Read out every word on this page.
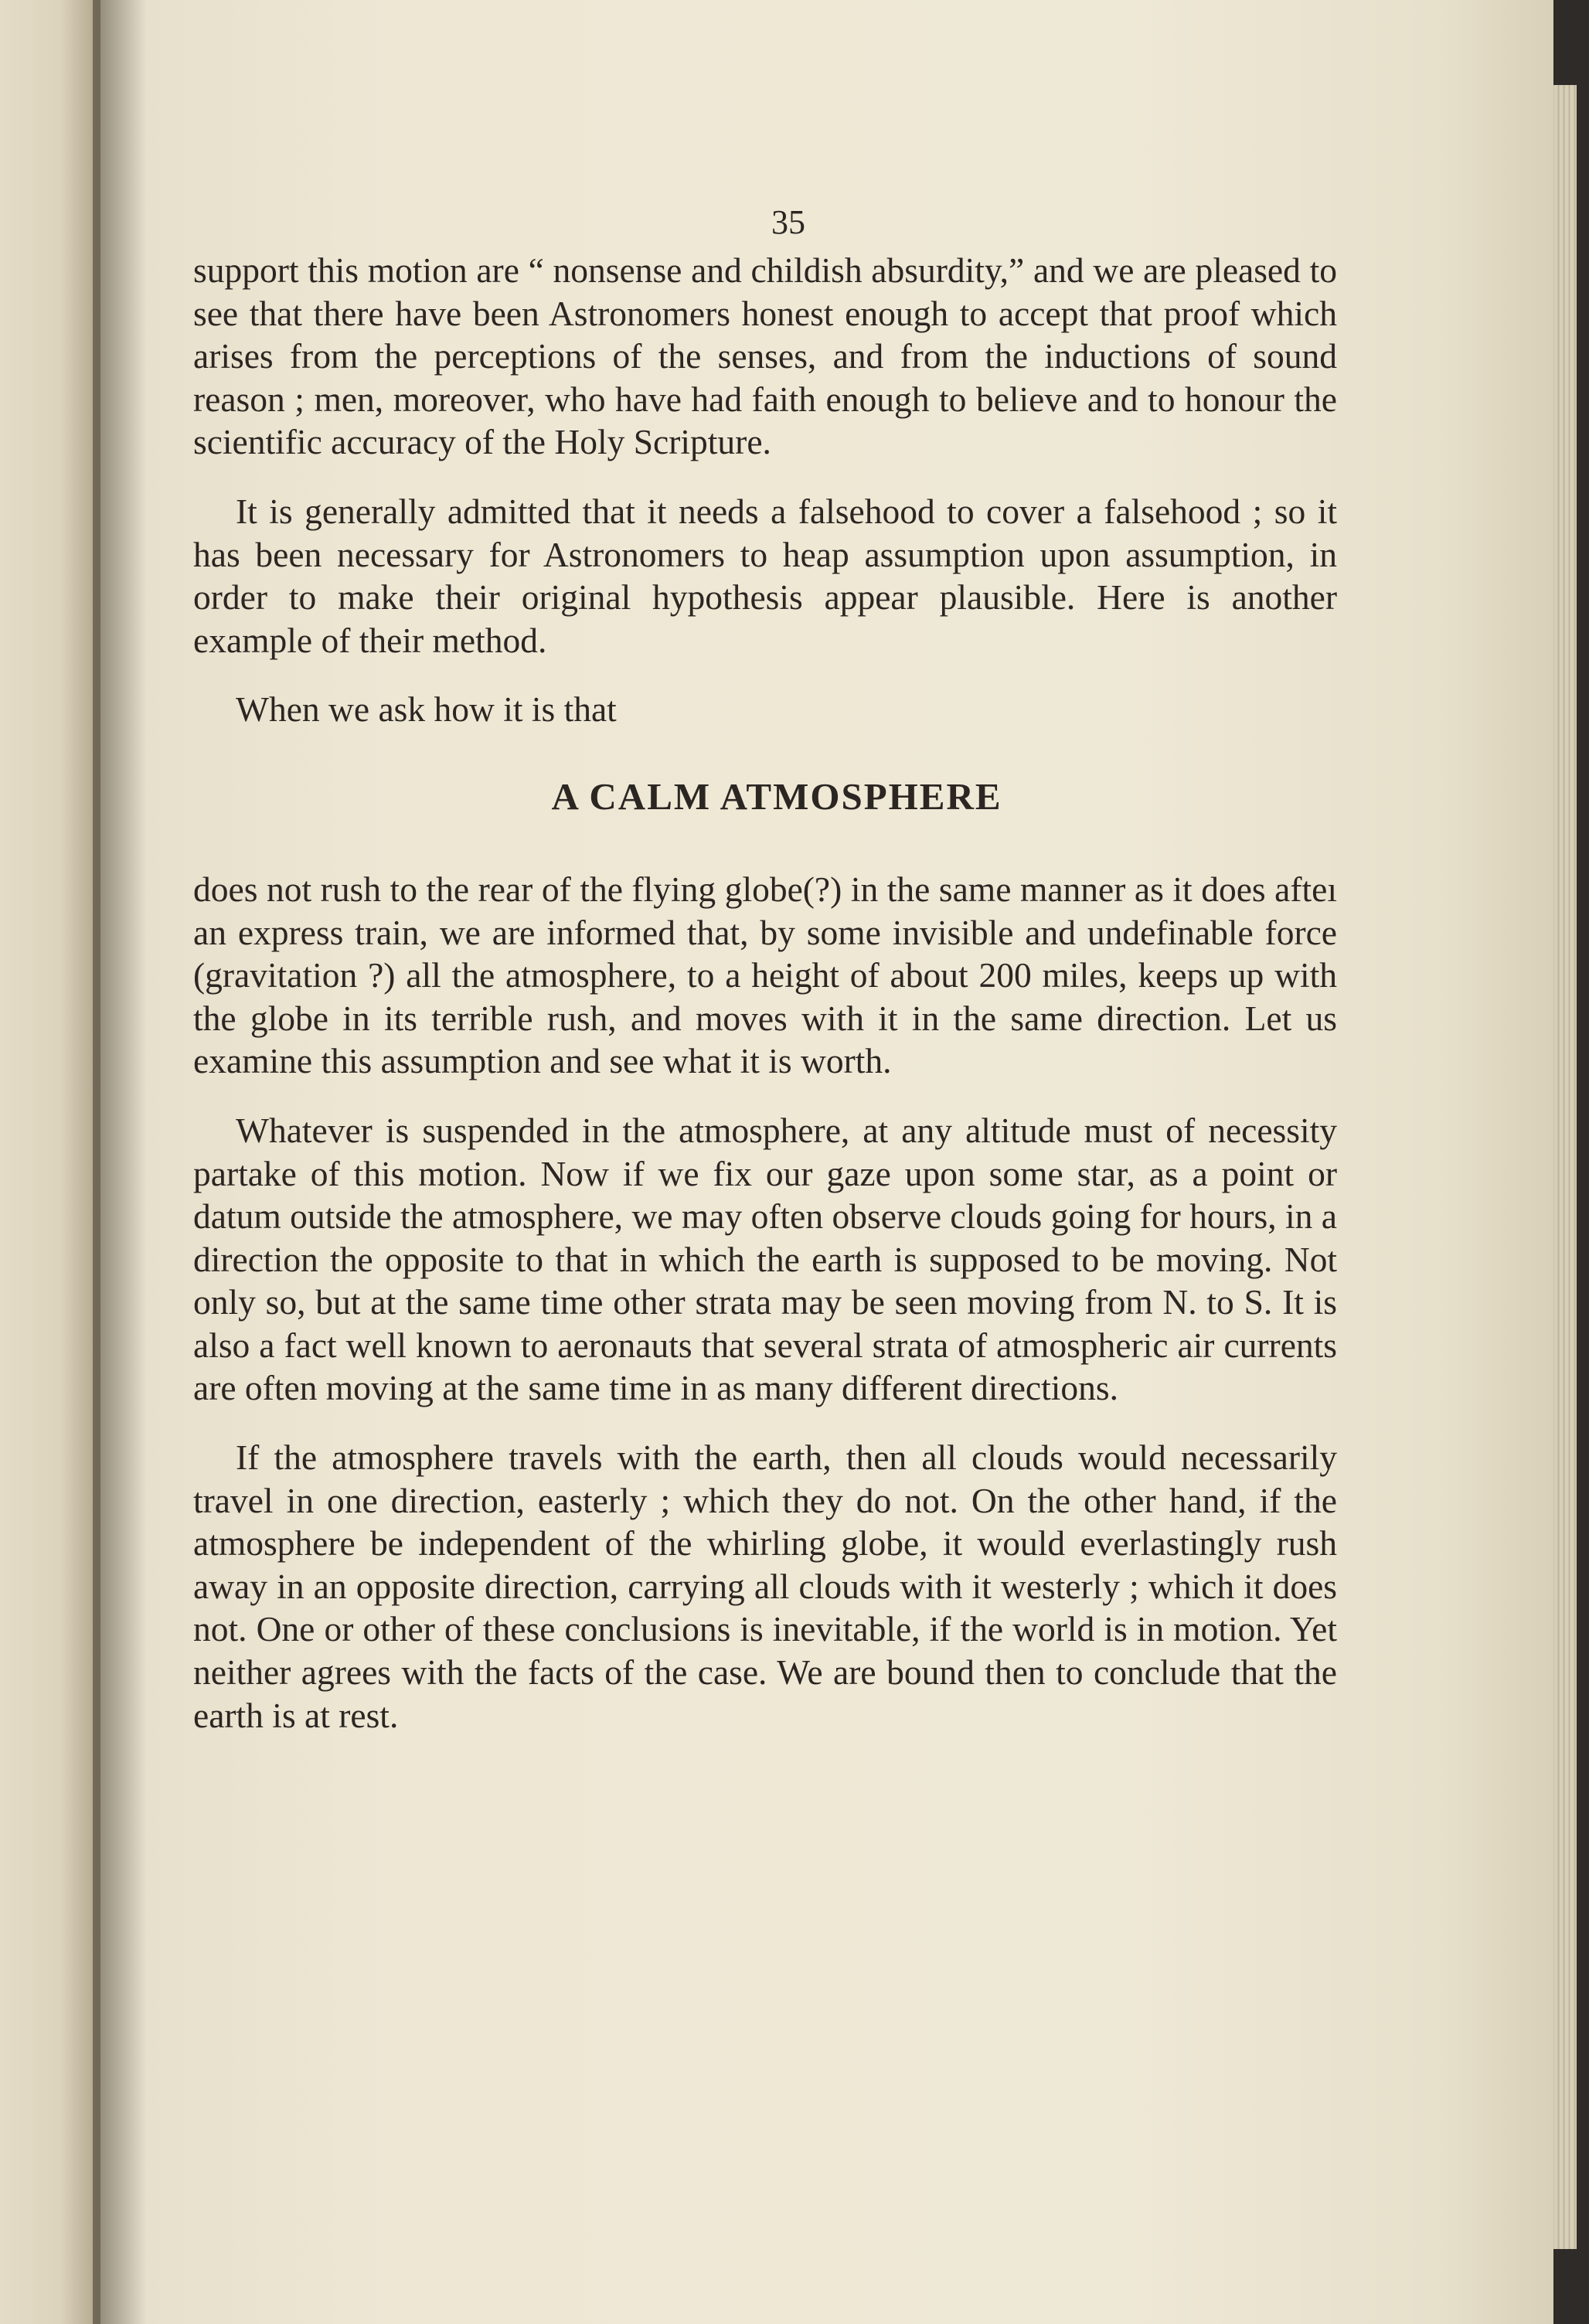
35

support this motion are “ nonsense and childish absurdity,” and we are pleased to see that there have been Astronomers honest enough to accept that proof which arises from the perceptions of the senses, and from the inductions of sound reason ; men, moreover, who have had faith enough to believe and to honour the scientific accuracy of the Holy Scripture.

It is generally admitted that it needs a falsehood to cover a falsehood ; so it has been necessary for Astronomers to heap assumption upon assumption, in order to make their original hypothesis appear plausible. Here is another example of their method.

When we ask how it is that

A CALM ATMOSPHERE

does not rush to the rear of the flying globe(?) in the same manner as it does afteı an express train, we are informed that, by some invisible and undefinable force (gravitation ?) all the atmosphere, to a height of about 200 miles, keeps up with the globe in its terrible rush, and moves with it in the same direction. Let us examine this assumption and see what it is worth.

Whatever is suspended in the atmosphere, at any altitude must of necessity partake of this motion. Now if we fix our gaze upon some star, as a point or datum outside the atmosphere, we may often observe clouds going for hours, in a direction the opposite to that in which the earth is supposed to be moving. Not only so, but at the same time other strata may be seen moving from N. to S. It is also a fact well known to aeronauts that several strata of atmospheric air currents are often moving at the same time in as many different directions.

If the atmosphere travels with the earth, then all clouds would necessarily travel in one direction, easterly ; which they do not. On the other hand, if the atmosphere be independent of the whirling globe, it would everlastingly rush away in an opposite direction, carrying all clouds with it westerly ; which it does not. One or other of these conclusions is inevitable, if the world is in motion. Yet neither agrees with the facts of the case. We are bound then to conclude that the earth is at rest.
